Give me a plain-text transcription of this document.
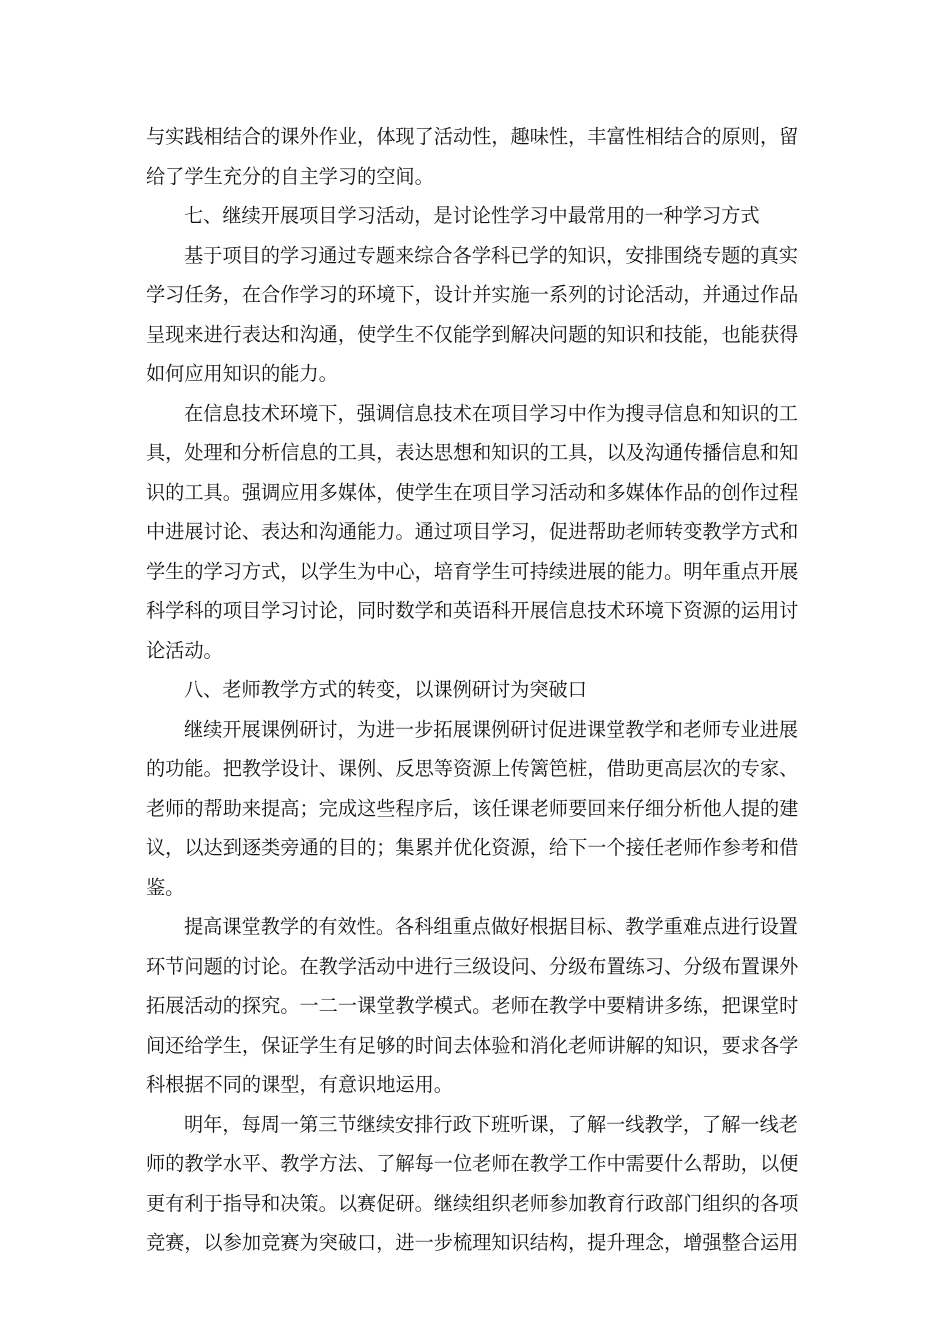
与实践相结合的课外作业，体现了活动性，趣味性，丰富性相结合的原则，留
给了学生充分的自主学习的空间。
七、继续开展项目学习活动，是讨论性学习中最常用的一种学习方式
基于项目的学习通过专题来综合各学科已学的知识，安排围绕专题的真实
学习任务，在合作学习的环境下，设计并实施一系列的讨论活动，并通过作品
呈现来进行表达和沟通，使学生不仅能学到解决问题的知识和技能，也能获得
如何应用知识的能力。
在信息技术环境下，强调信息技术在项目学习中作为搜寻信息和知识的工
具，处理和分析信息的工具，表达思想和知识的工具，以及沟通传播信息和知
识的工具。强调应用多媒体，使学生在项目学习活动和多媒体作品的创作过程
中进展讨论、表达和沟通能力。通过项目学习，促进帮助老师转变教学方式和
学生的学习方式，以学生为中心，培育学生可持续进展的能力。明年重点开展
科学科的项目学习讨论，同时数学和英语科开展信息技术环境下资源的运用讨
论活动。
八、老师教学方式的转变，以课例研讨为突破口
继续开展课例研讨，为进一步拓展课例研讨促进课堂教学和老师专业进展
的功能。把教学设计、课例、反思等资源上传篱笆桩，借助更高层次的专家、
老师的帮助来提高；完成这些程序后，该任课老师要回来仔细分析他人提的建
议，以达到逐类旁通的目的；集累并优化资源，给下一个接任老师作参考和借
鉴。
提高课堂教学的有效性。各科组重点做好根据目标、教学重难点进行设置
环节问题的讨论。在教学活动中进行三级设问、分级布置练习、分级布置课外
拓展活动的探究。一二一课堂教学模式。老师在教学中要精讲多练，把课堂时
间还给学生，保证学生有足够的时间去体验和消化老师讲解的知识，要求各学
科根据不同的课型，有意识地运用。
明年，每周一第三节继续安排行政下班听课，了解一线教学，了解一线老
师的教学水平、教学方法、了解每一位老师在教学工作中需要什么帮助，以便
更有利于指导和决策。以赛促研。继续组织老师参加教育行政部门组织的各项
竞赛，以参加竞赛为突破口，进一步梳理知识结构，提升理念，增强整合运用
